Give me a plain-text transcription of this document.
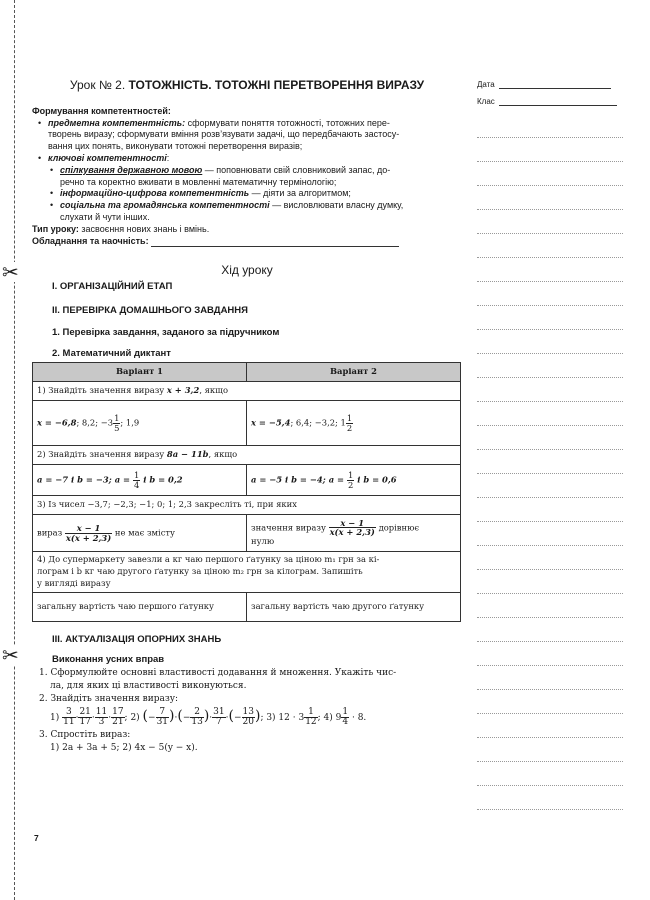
✂
✂
Дата
Клас
Урок № 2. ТОТОЖНІСТЬ. ТОТОЖНІ ПЕРЕТВОРЕННЯ ВИРАЗУ
Формування компетентностей:
• предметна компетентність: сформувати поняття тотожності, тотожних пере-
творень виразу; сформувати вміння розв’язувати задачі, що передбачають застосу-
вання цих понять, виконувати тотожні перетворення виразів;
• ключові компетентності:
• спілкування державною мовою — поповнювати свій словниковий запас, до-
речно та коректно вживати в мовленні математичну термінологію;
• інформаційно-цифрова компетентність — діяти за алгоритмом;
• соціальна та громадянська компетентності — висловлювати власну думку,
слухати й чути інших.
Тип уроку: засвоєння нових знань і вмінь.
Обладнання та наочність:
Хід уроку
І. ОРГАНІЗАЦІЙНИЙ ЕТАП
ІІ. ПЕРЕВІРКА ДОМАШНЬОГО ЗАВДАННЯ
1. Перевірка завдання, заданого за підручником
2. Математичний диктант
Варіант 1	Варіант 2
1) Знайдіть значення виразу x + 3,2, якщо	
x = −6,8; 8,2; $-3 \frac{1}{5}$ ; 1,9	x = −5,4; 6,4; −3,2; $1 \frac{1}{2}$

2) Знайдіть значення виразу 8a − 11b, якщо	
a = −7 і b = −3; $a = \frac{1}{4}$ і b = 0,2	a = −5 і b = −4; $a = \frac{1}{2}$ і b = 0,6
3) Із чисел −3,7; −2,3; −1; 0; 1; 2,3 закресліть ті, при яких	
вираз $\frac{x - 1}{x(x + 2,3)}$ не має змісту	значення виразу $\frac{x - 1}{x(x + 2,3)}$ дорівнює
нулю
4) До супермаркету завезли a кг чаю першого ґатунку за ціною m₁ грн за кі-
лограм і b кг чаю другого ґатунку за ціною m₂ грн за кілограм. Запишіть
у вигляді виразу	
загальну вартість чаю першого ґатунку	загальну вартість чаю другого ґатунку
ІІІ. АКТУАЛІЗАЦІЯ ОПОРНИХ ЗНАНЬ
Виконання усних вправ
1. Сформулюйте основні властивості додавання й множення. Укажіть чис-
ла, для яких ці властивості виконуються.
2. Знайдіть значення виразу:
$1) \frac{3}{11} \cdot \frac{21}{17} \cdot \frac{11}{3} \cdot \frac{17}{21}$ ; 2) (− $\frac{7}{31}$ )·(− $\frac{2}{13}$ )· $\frac{31}{7}$ ·(− $\frac{13}{20}$ ); 3) $12 \cdot 3 \frac{1}{12}$ ; 4) $9 \frac{1}{4} \cdot 8$.
3. Спростіть вираз:
1) 2a + 3a + 5; 2) 4x − 5(y − x).
7
